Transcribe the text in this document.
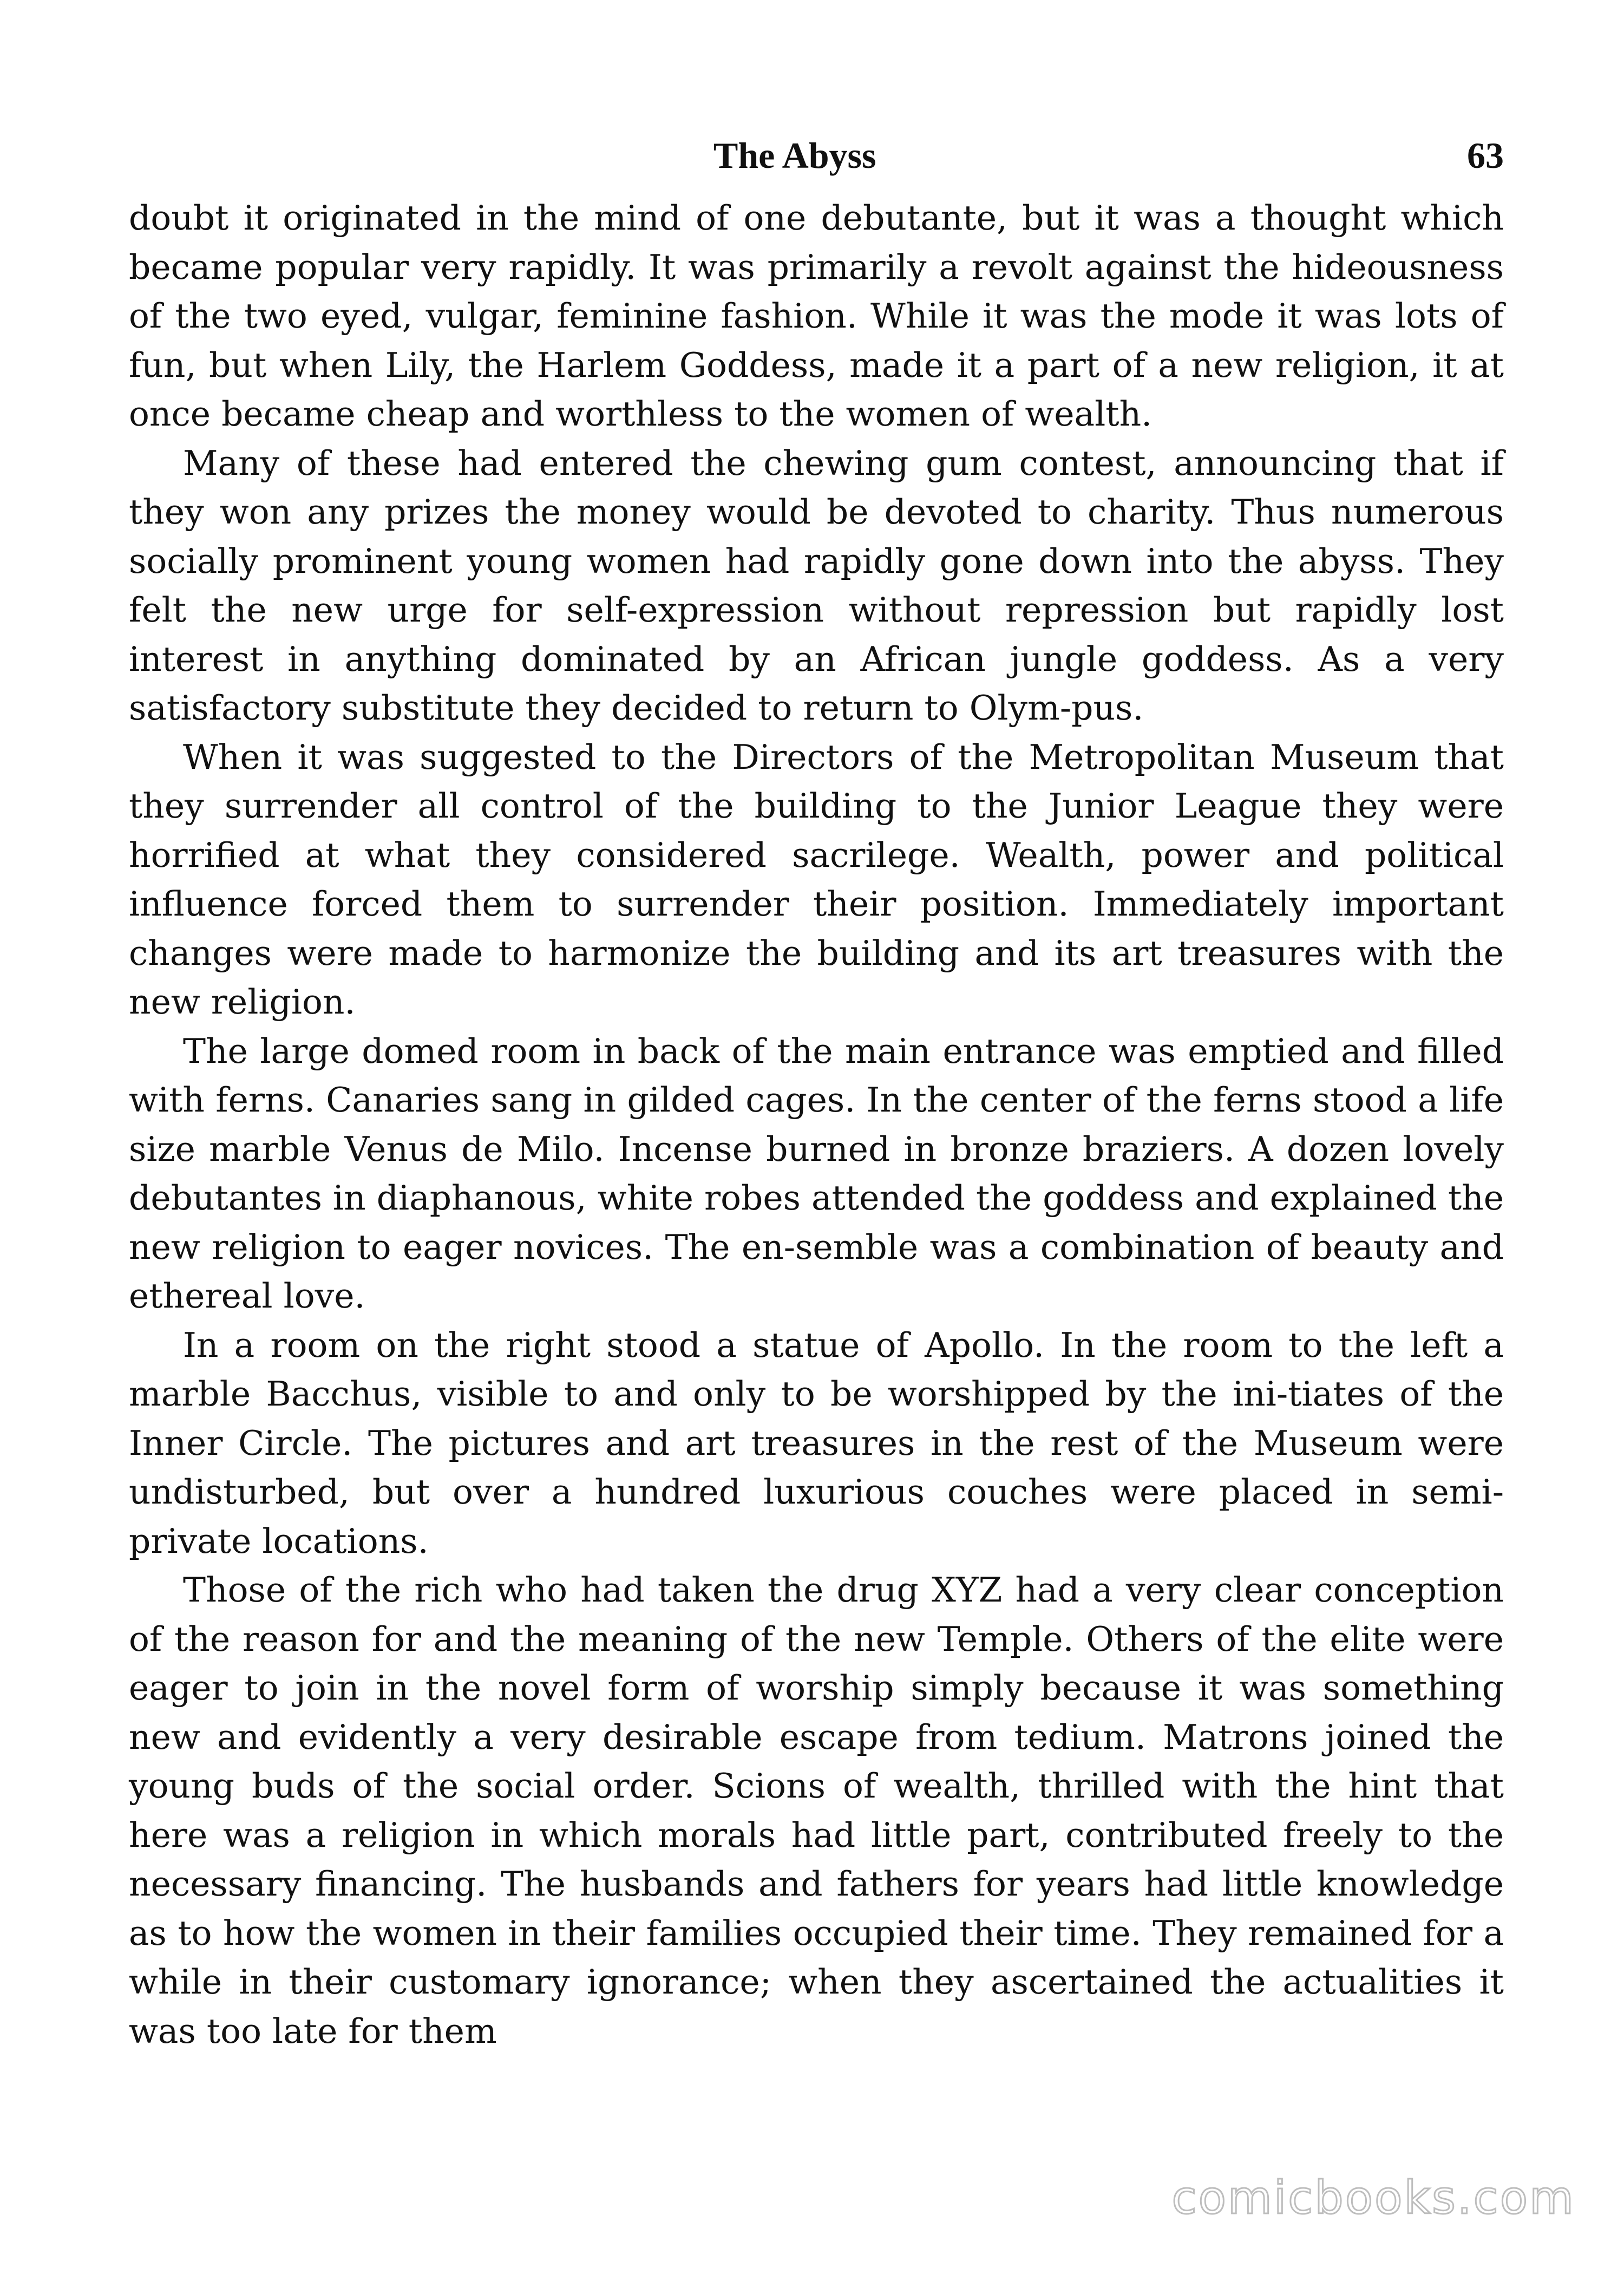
The Abyss	63

doubt it originated in the mind of one debutante, but it was a thought which became popular very rapidly. It was primarily a revolt against the hideousness of the two eyed, vulgar, feminine fashion. While it was the mode it was lots of fun, but when Lily, the Harlem Goddess, made it a part of a new religion, it at once became cheap and worthless to the women of wealth.

Many of these had entered the chewing gum contest, announcing that if they won any prizes the money would be devoted to charity. Thus numerous socially prominent young women had rapidly gone down into the abyss. They felt the new urge for self-expression without repression but rapidly lost interest in anything dominated by an African jungle goddess. As a very satisfactory substitute they decided to return to Olym-pus.

When it was suggested to the Directors of the Metropolitan Museum that they surrender all control of the building to the Junior League they were horrified at what they considered sacrilege. Wealth, power and political influence forced them to surrender their position. Immediately important changes were made to harmonize the building and its art treasures with the new religion.

The large domed room in back of the main entrance was emptied and filled with ferns. Canaries sang in gilded cages. In the center of the ferns stood a life size marble Venus de Milo. Incense burned in bronze braziers. A dozen lovely debutantes in diaphanous, white robes attended the goddess and explained the new religion to eager novices. The en-semble was a combination of beauty and ethereal love.

In a room on the right stood a statue of Apollo. In the room to the left a marble Bacchus, visible to and only to be worshipped by the ini-tiates of the Inner Circle. The pictures and art treasures in the rest of the Museum were undisturbed, but over a hundred luxurious couches were placed in semi-private locations.

Those of the rich who had taken the drug XYZ had a very clear conception of the reason for and the meaning of the new Temple. Others of the elite were eager to join in the novel form of worship simply because it was something new and evidently a very desirable escape from tedium. Matrons joined the young buds of the social order. Scions of wealth, thrilled with the hint that here was a religion in which morals had little part, contributed freely to the necessary financing. The husbands and fathers for years had little knowledge as to how the women in their families occupied their time. They remained for a while in their customary ignorance; when they ascertained the actualities it was too late for them

comicbooks.com
